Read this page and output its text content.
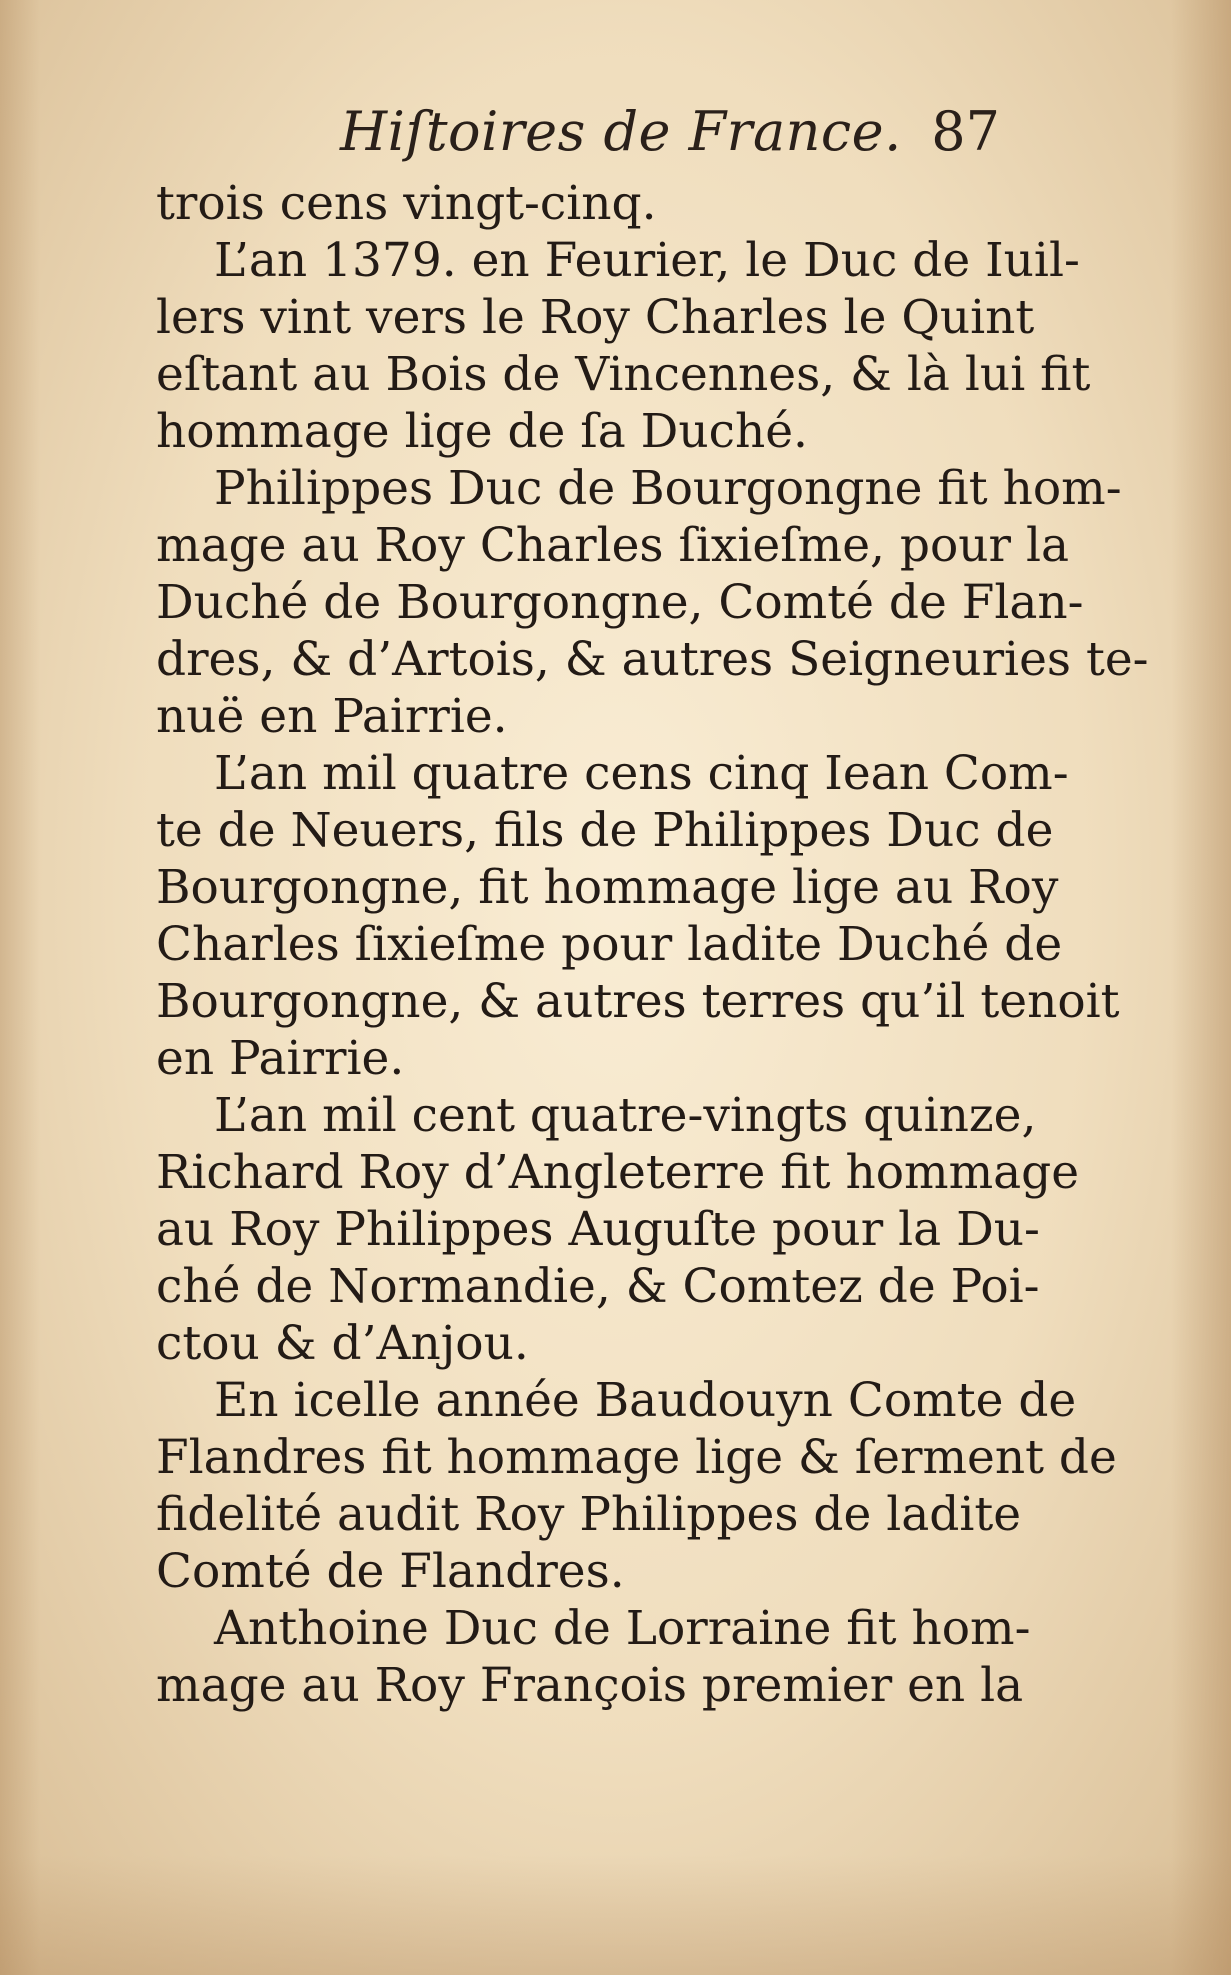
Hiſtoires de France. 87
trois cens vingt-cinq.
L’an 1379. en Feurier, le Duc de Iuil-
lers vint vers le Roy Charles le Quint
eſtant au Bois de Vincennes, & là lui fit
hommage lige de ſa Duché.
Philippes Duc de Bourgongne fit hom-
mage au Roy Charles ſixieſme, pour la
Duché de Bourgongne, Comté de Flan-
dres, & d’Artois, & autres Seigneuries te-
nuë en Pairrie.
L’an mil quatre cens cinq Iean Com-
te de Neuers, fils de Philippes Duc de
Bourgongne, fit hommage lige au Roy
Charles ſixieſme pour ladite Duché de
Bourgongne, & autres terres qu’il tenoit
en Pairrie.
L’an mil cent quatre-vingts quinze,
Richard Roy d’Angleterre fit hommage
au Roy Philippes Auguſte pour la Du-
ché de Normandie, & Comtez de Poi-
ctou & d’Anjou.
En icelle année Baudouyn Comte de
Flandres fit hommage lige & ſerment de
fidelité audit Roy Philippes de ladite
Comté de Flandres.
Anthoine Duc de Lorraine fit hom-
mage au Roy François premier en la
